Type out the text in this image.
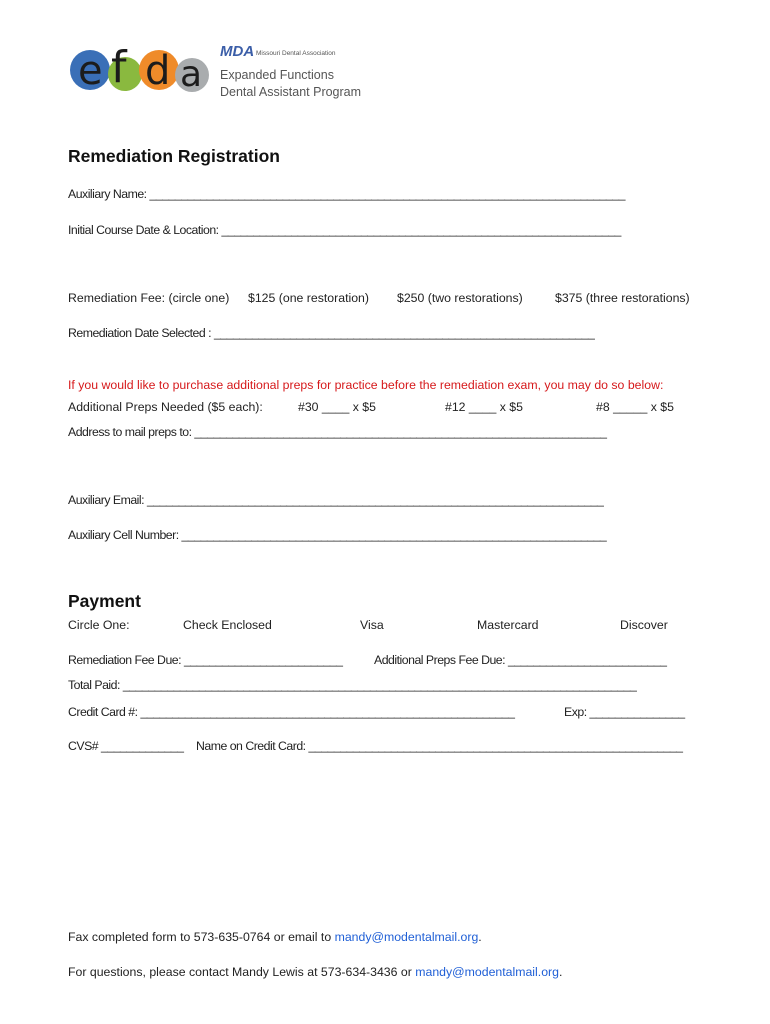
e f d a
MDA Missouri Dental Association
Expanded Functions
Dental Assistant Program
Remediation Registration
Auxiliary Name: ___________________________________________________________________________
Initial Course Date & Location: _______________________________________________________________
Remediation Fee: (circle one) $125 (one restoration) $250 (two restorations)	$375 (three restorations)
Remediation Date Selected : ____________________________________________________________
If you would like to purchase additional preps for practice before the remediation exam, you may do so below:
Additional Preps Needed ($5 each):	#30 ____ x $5	#12 ____ x $5	#8 _____ x $5
Address to mail preps to: _________________________________________________________________
Auxiliary Email: ________________________________________________________________________
Auxiliary Cell Number: ___________________________________________________________________
Payment
Circle One:	Check Enclosed	Visa	Mastercard	Discover
Remediation Fee Due: _________________________	Additional Preps Fee Due: _________________________
Total Paid: _________________________________________________________________________________
Credit Card #: ___________________________________________________________	Exp: _______________
CVS# _____________ Name on Credit Card: ___________________________________________________________
Fax completed form to 573-635-0764 or email to mandy@modentalmail.org.
For questions, please contact Mandy Lewis at 573-634-3436 or mandy@modentalmail.org.
